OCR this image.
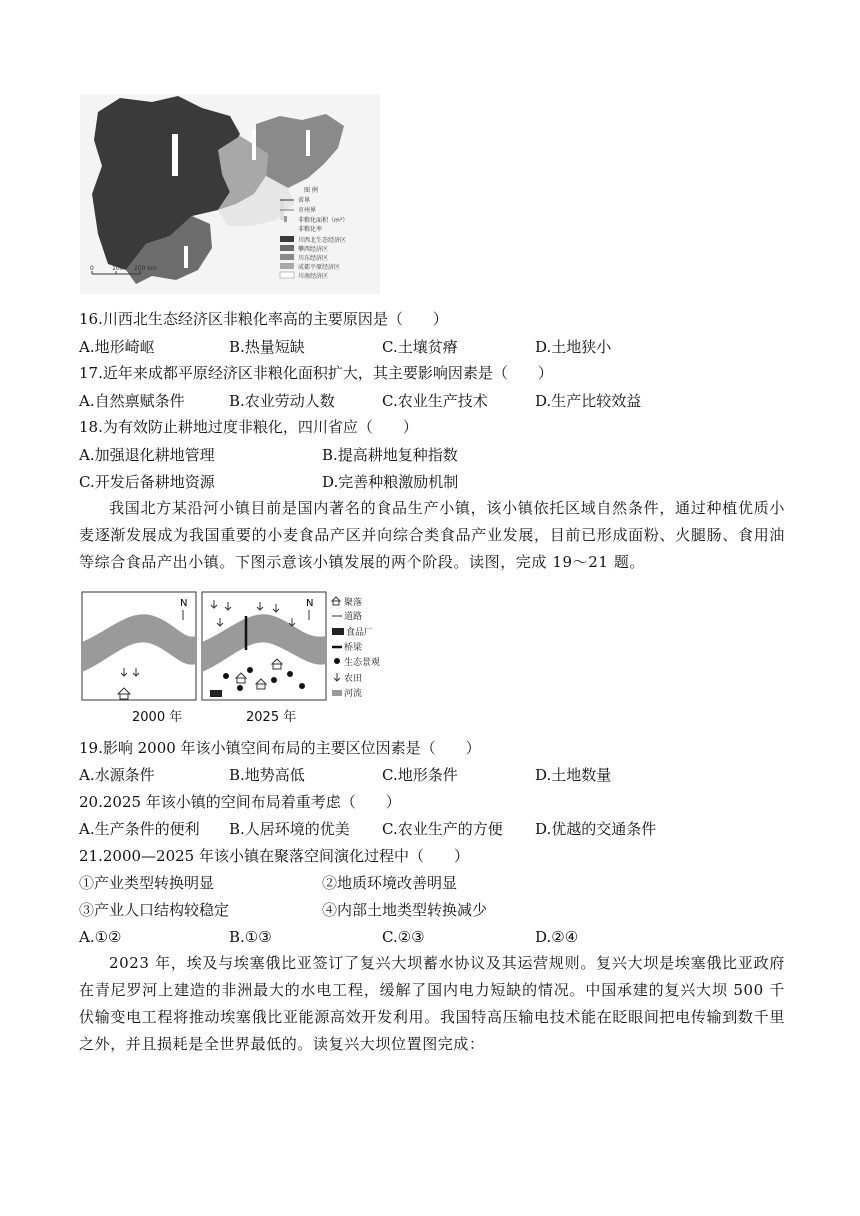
图 例
省界
市州界
非粮化面积（m²）
非粮化率
川西北生态经济区
攀西经济区
川东经济区
成都平原经济区
川南经济区
0	100 200 km
16.川西北生态经济区非粮化率高的主要原因是（　　）
A.地形崎岖	B.热量短缺	C.土壤贫瘠	D.土地狭小
17.近年来成都平原经济区非粮化面积扩大，其主要影响因素是（　　）
A.自然禀赋条件	B.农业劳动人数	C.农业生产技术	D.生产比较效益
18.为有效防止耕地过度非粮化，四川省应（　　）
A.加强退化耕地管理	B.提高耕地复种指数
C.开发后备耕地资源	D.完善种粮激励机制
我国北方某沿河小镇目前是国内著名的食品生产小镇，该小镇依托区域自然条件，通过种植优质小麦逐渐发展成为我国重要的小麦食品产区并向综合类食品产业发展，目前已形成面粉、火腿肠、食用油等综合食品产出小镇。下图示意该小镇发展的两个阶段。读图，完成 19～21 题。
N	N	聚落
道路
食品厂
桥梁
生态景观
农田
河流
2000 年	2025 年
19.影响 2000 年该小镇空间布局的主要区位因素是（　　）
A.水源条件	B.地势高低	C.地形条件	D.土地数量
20.2025 年该小镇的空间布局着重考虑（　　）
A.生产条件的便利 B.人居环境的优美 C.农业生产的方便 D.优越的交通条件
21.2000—2025 年该小镇在聚落空间演化过程中（　　）
①产业类型转换明显	②地质环境改善明显
③产业人口结构较稳定	④内部土地类型转换减少
A.①②	B.①③	C.②③	D.②④
2023 年，埃及与埃塞俄比亚签订了复兴大坝蓄水协议及其运营规则。复兴大坝是埃塞俄比亚政府在青尼罗河上建造的非洲最大的水电工程，缓解了国内电力短缺的情况。中国承建的复兴大坝 500 千伏输变电工程将推动埃塞俄比亚能源高效开发利用。我国特高压输电技术能在眨眼间把电传输到数千里之外，并且损耗是全世界最低的。读复兴大坝位置图完成：
